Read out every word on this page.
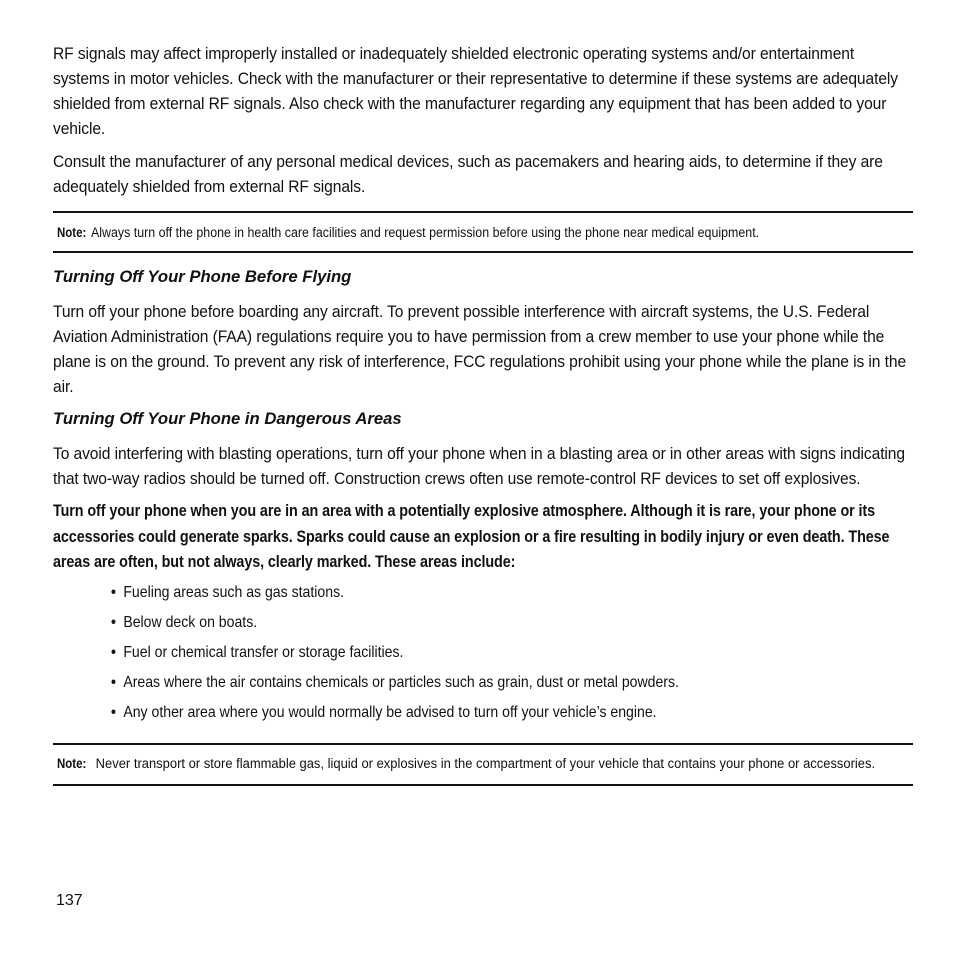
RF signals may affect improperly installed or inadequately shielded electronic operating systems and/or entertainment systems in motor vehicles. Check with the manufacturer or their representative to determine if these systems are adequately shielded from external RF signals. Also check with the manufacturer regarding any equipment that has been added to your vehicle.

Consult the manufacturer of any personal medical devices, such as pacemakers and hearing aids, to determine if they are adequately shielded from external RF signals.

Note: Always turn off the phone in health care facilities and request permission before using the phone near medical equipment.
Turning Off Your Phone Before Flying

Turn off your phone before boarding any aircraft. To prevent possible interference with aircraft systems, the U.S. Federal Aviation Administration (FAA) regulations require you to have permission from a crew member to use your phone while the plane is on the ground. To prevent any risk of interference, FCC regulations prohibit using your phone while the plane is in the air.

Turning Off Your Phone in Dangerous Areas

To avoid interfering with blasting operations, turn off your phone when in a blasting area or in other areas with signs indicating that two-way radios should be turned off. Construction crews often use remote-control RF devices to set off explosives.

Turn off your phone when you are in an area with a potentially explosive atmosphere. Although it is rare, your phone or its accessories could generate sparks. Sparks could cause an explosion or a fire resulting in bodily injury or even death. These areas are often, but not always, clearly marked. These areas include:

• Fueling areas such as gas stations.
• Below deck on boats.
• Fuel or chemical transfer or storage facilities.
• Areas where the air contains chemicals or particles such as grain, dust or metal powders.
• Any other area where you would normally be advised to turn off your vehicle’s engine.
Note: Never transport or store flammable gas, liquid or explosives in the compartment of your vehicle that contains your phone or accessories.
137
